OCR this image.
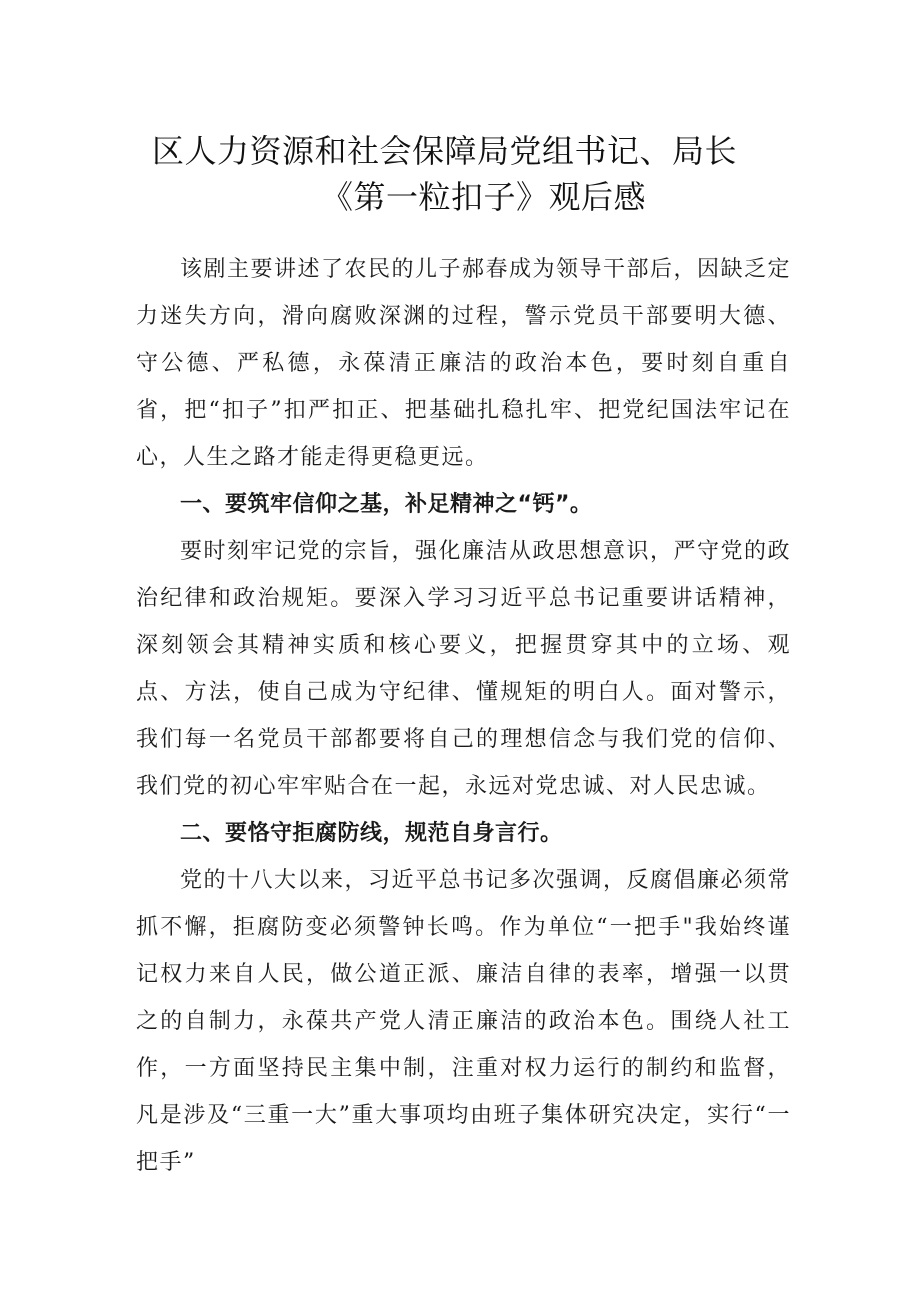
区人力资源和社会保障局党组书记、局长
《第一粒扣子》观后感

该剧主要讲述了农民的儿子郝春成为领导干部后，因缺乏定力迷失方向，滑向腐败深渊的过程，警示党员干部要明大德、守公德、严私德，永葆清正廉洁的政治本色，要时刻自重自省，把“扣子”扣严扣正、把基础扎稳扎牢、把党纪国法牢记在心，人生之路才能走得更稳更远。

一、要筑牢信仰之基，补足精神之“钙”。

要时刻牢记党的宗旨，强化廉洁从政思想意识，严守党的政治纪律和政治规矩。要深入学习习近平总书记重要讲话精神，深刻领会其精神实质和核心要义，把握贯穿其中的立场、观点、方法，使自己成为守纪律、懂规矩的明白人。面对警示，我们每一名党员干部都要将自己的理想信念与我们党的信仰、我们党的初心牢牢贴合在一起，永远对党忠诚、对人民忠诚。

二、要恪守拒腐防线，规范自身言行。

党的十八大以来，习近平总书记多次强调，反腐倡廉必须常抓不懈，拒腐防变必须警钟长鸣。作为单位“一把手"我始终谨记权力来自人民，做公道正派、廉洁自律的表率，增强一以贯之的自制力，永葆共产党人清正廉洁的政治本色。围绕人社工作，一方面坚持民主集中制，注重对权力运行的制约和监督，凡是涉及“三重一大”重大事项均由班子集体研究决定，实行“一把手”
